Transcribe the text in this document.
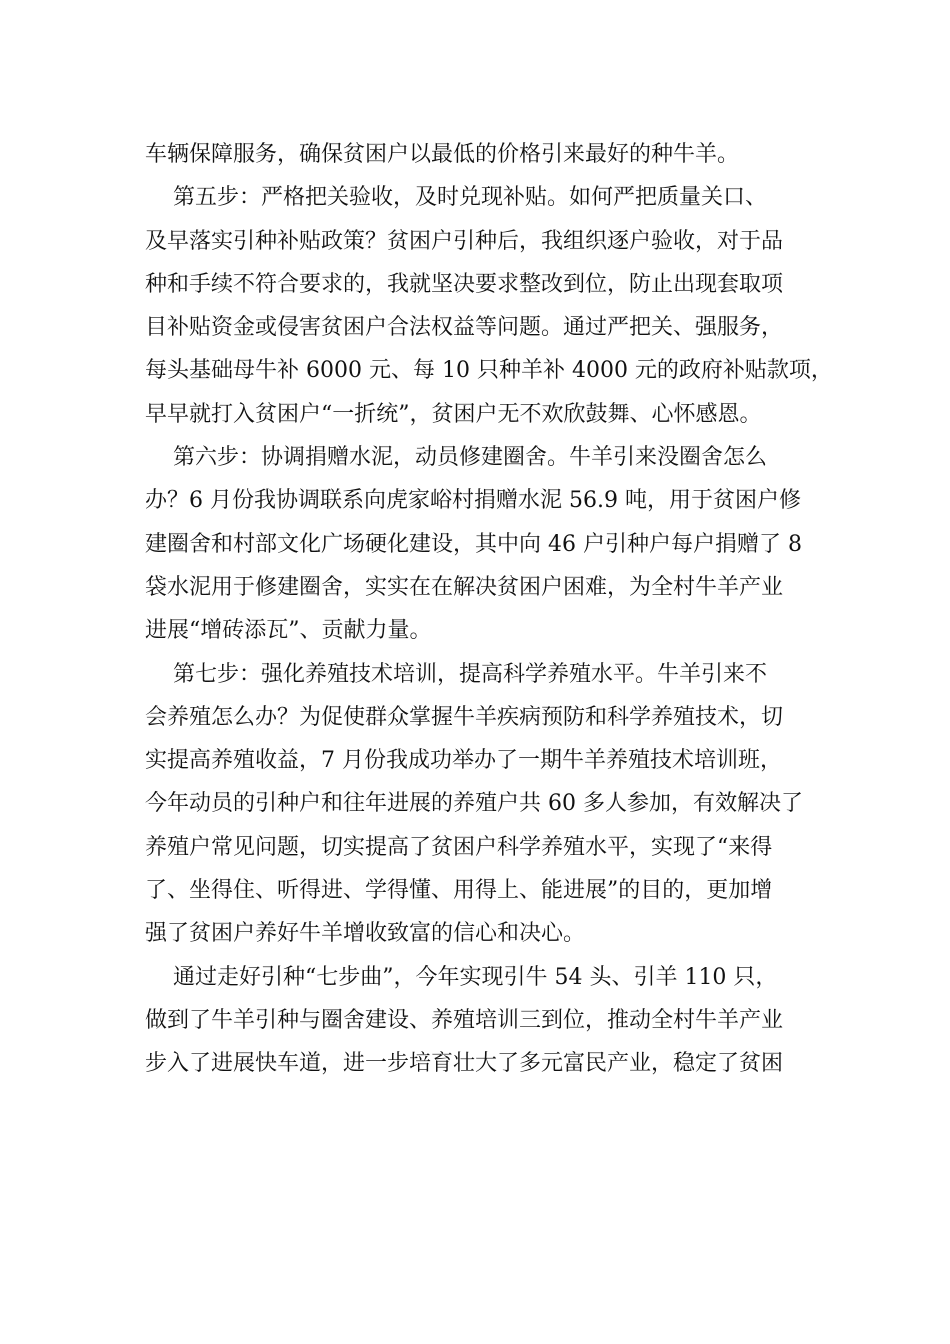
车辆保障服务，确保贫困户以最低的价格引来最好的种牛羊。
第五步：严格把关验收，及时兑现补贴。如何严把质量关口、
及早落实引种补贴政策？贫困户引种后，我组织逐户验收，对于品
种和手续不符合要求的，我就坚决要求整改到位，防止出现套取项
目补贴资金或侵害贫困户合法权益等问题。通过严把关、强服务，
每头基础母牛补 6000 元、每 10 只种羊补 4000 元的政府补贴款项，
早早就打入贫困户“一折统”，贫困户无不欢欣鼓舞、心怀感恩。
第六步：协调捐赠水泥，动员修建圈舍。牛羊引来没圈舍怎么
办？6 月份我协调联系向虎家峪村捐赠水泥 56.9 吨，用于贫困户修
建圈舍和村部文化广场硬化建设，其中向 46 户引种户每户捐赠了 8
袋水泥用于修建圈舍，实实在在解决贫困户困难，为全村牛羊产业
进展“增砖添瓦”、贡献力量。
第七步：强化养殖技术培训，提高科学养殖水平。牛羊引来不
会养殖怎么办？为促使群众掌握牛羊疾病预防和科学养殖技术，切
实提高养殖收益，7 月份我成功举办了一期牛羊养殖技术培训班，
今年动员的引种户和往年进展的养殖户共 60 多人参加，有效解决了
养殖户常见问题，切实提高了贫困户科学养殖水平，实现了“来得
了、坐得住、听得进、学得懂、用得上、能进展”的目的，更加增
强了贫困户养好牛羊增收致富的信心和决心。
通过走好引种“七步曲”，今年实现引牛 54 头、引羊 110 只，
做到了牛羊引种与圈舍建设、养殖培训三到位，推动全村牛羊产业
步入了进展快车道，进一步培育壮大了多元富民产业，稳定了贫困
